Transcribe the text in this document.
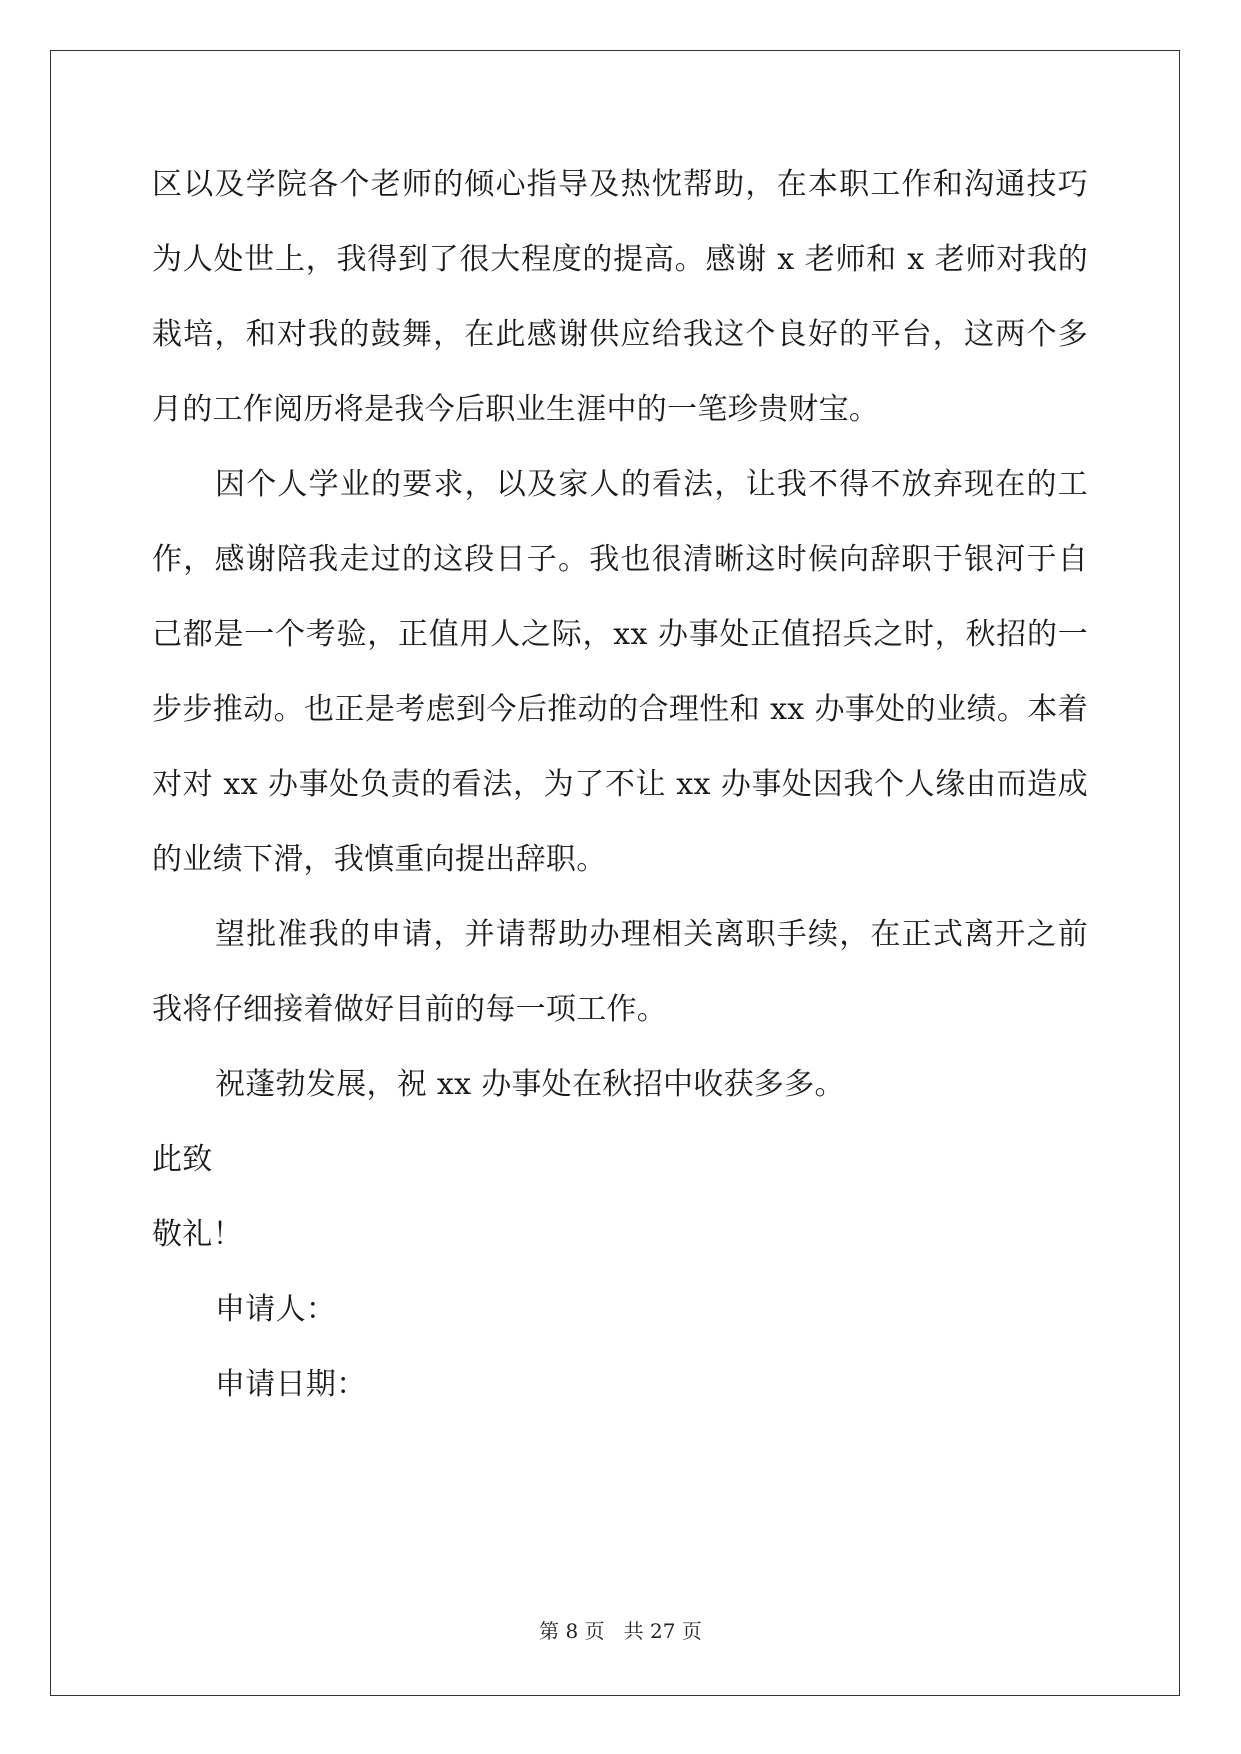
区以及学院各个老师的倾心指导及热忱帮助，在本职工作和沟通技巧
为人处世上，我得到了很大程度的提高。感谢 x 老师和 x 老师对我的
栽培，和对我的鼓舞，在此感谢供应给我这个良好的平台，这两个多
月的工作阅历将是我今后职业生涯中的一笔珍贵财宝。
因个人学业的要求，以及家人的看法，让我不得不放弃现在的工
作，感谢陪我走过的这段日子。我也很清晰这时候向辞职于银河于自
己都是一个考验，正值用人之际，xx 办事处正值招兵之时，秋招的一
步步推动。也正是考虑到今后推动的合理性和 xx 办事处的业绩。本着
对对 xx 办事处负责的看法，为了不让 xx 办事处因我个人缘由而造成
的业绩下滑，我慎重向提出辞职。
望批准我的申请，并请帮助办理相关离职手续，在正式离开之前
我将仔细接着做好目前的每一项工作。
祝蓬勃发展，祝 xx 办事处在秋招中收获多多。
此致
敬礼！
申请人：
申请日期：
第 8 页   共 27 页
